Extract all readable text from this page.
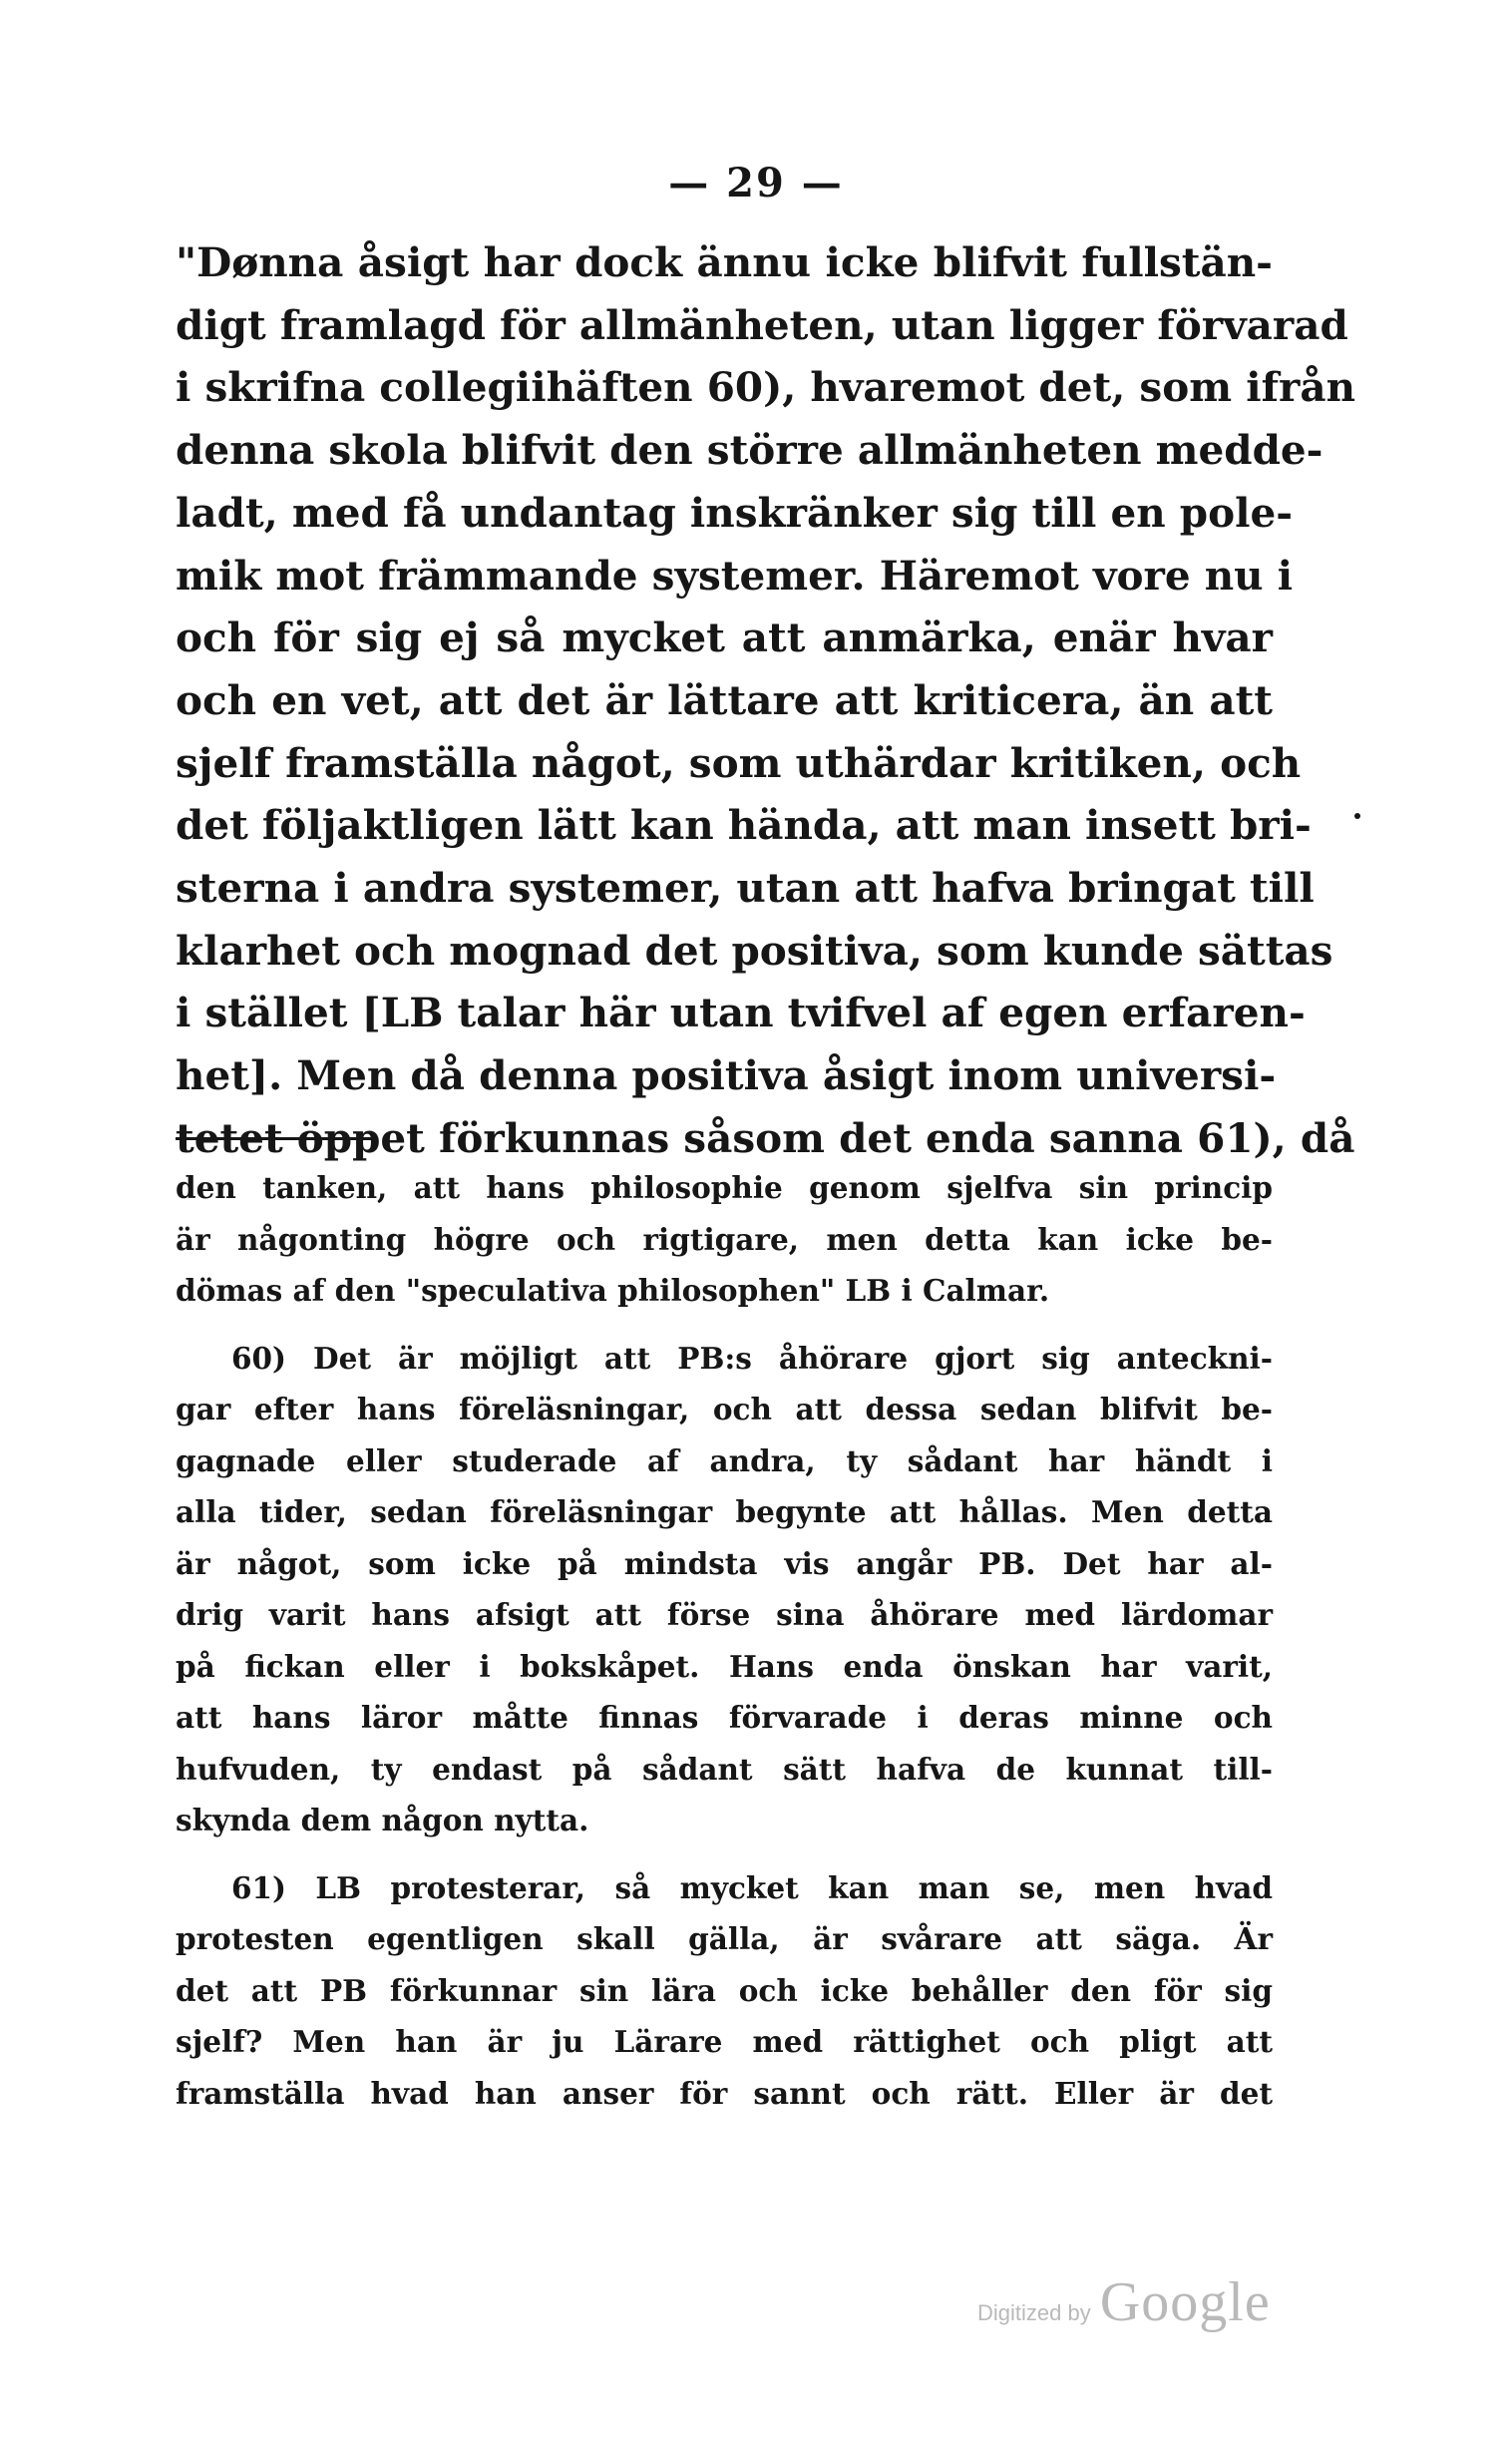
— 29 —
"Dønna åsigt har dock ännu icke blifvit fullstän-
digt framlagd för allmänheten, utan ligger förvarad
i skrifna collegiihäften 60), hvaremot det, som ifrån
denna skola blifvit den större allmänheten medde-
ladt, med få undantag inskränker sig till en pole-
mik mot främmande systemer. Häremot vore nu i
och för sig ej så mycket att anmärka, enär hvar
och en vet, att det är lättare att kriticera, än att
sjelf framställa något, som uthärdar kritiken, och
det följaktligen lätt kan hända, att man insett bri-
sterna i andra systemer, utan att hafva bringat till
klarhet och mognad det positiva, som kunde sättas
i stället [LB talar här utan tvifvel af egen erfaren-
het]. Men då denna positiva åsigt inom universi-
tetet öppet förkunnas såsom det enda sanna 61), då
den tanken, att hans philosophie genom sjelfva sin princip
är någonting högre och rigtigare, men detta kan icke be-
dömas af den "speculativa philosophen" LB i Calmar.
60) Det är möjligt att PB:s åhörare gjort sig anteckni-
gar efter hans föreläsningar, och att dessa sedan blifvit be-
gagnade eller studerade af andra, ty sådant har händt i
alla tider, sedan föreläsningar begynte att hållas. Men detta
är något, som icke på mindsta vis angår PB. Det har al-
drig varit hans afsigt att förse sina åhörare med lärdomar
på fickan eller i bokskåpet. Hans enda önskan har varit,
att hans läror måtte finnas förvarade i deras minne och
hufvuden, ty endast på sådant sätt hafva de kunnat till-
skynda dem någon nytta.
61) LB protesterar, så mycket kan man se, men hvad
protesten egentligen skall gälla, är svårare att säga. Är
det att PB förkunnar sin lära och icke behåller den för sig
sjelf? Men han är ju Lärare med rättighet och pligt att
framställa hvad han anser för sannt och rätt. Eller är det
Digitized by Google
